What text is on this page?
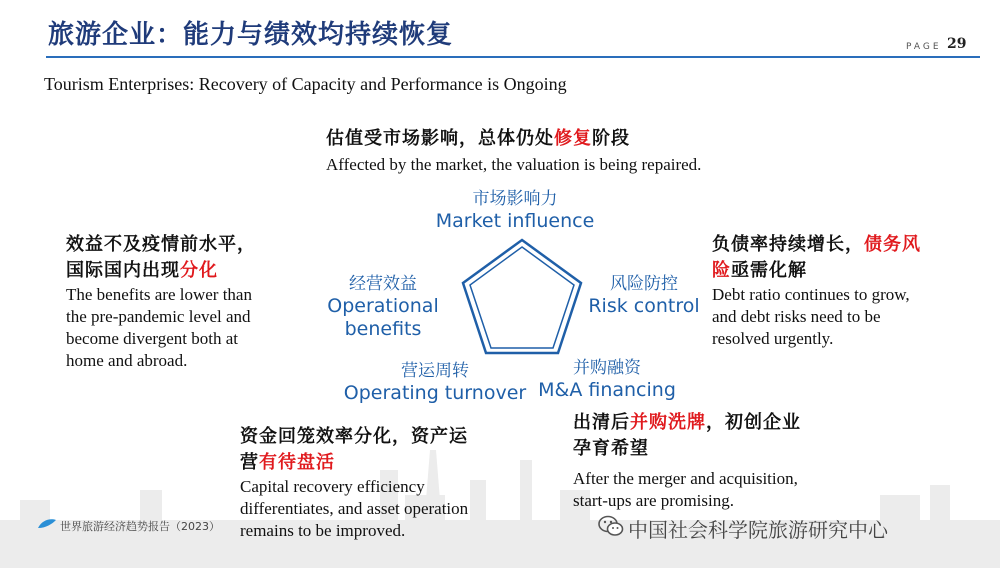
旅游企业：能力与绩效均持续恢复	PAGE 29
Tourism Enterprises: Recovery of Capacity and Performance is Ongoing
估值受市场影响，总体仍处修复阶段
Affected by the market, the valuation is being repaired.

效益不及疫情前水平，

国际国内出现分化

The benefits are lower than

the pre-pandemic level and

become divergent both at

home and abroad.

负债率持续增长，债务风

险亟需化解

Debt ratio continues to grow,

and debt risks need to be

resolved urgently.

资金回笼效率分化，资产运

营有待盘活

Capital recovery efficiency

differentiates, and asset operation

remains to be improved.

出清后并购洗牌，初创企业

孕育希望

After the merger and acquisition,

start-ups are promising.

市场影响力
Market influence
风险防控
Risk control
并购融资
M&A financing
营运周转
Operating turnover
经营效益
Operational
benefits
世界旅游经济趋势报告（2023）	中国社会科学院旅游研究中心
